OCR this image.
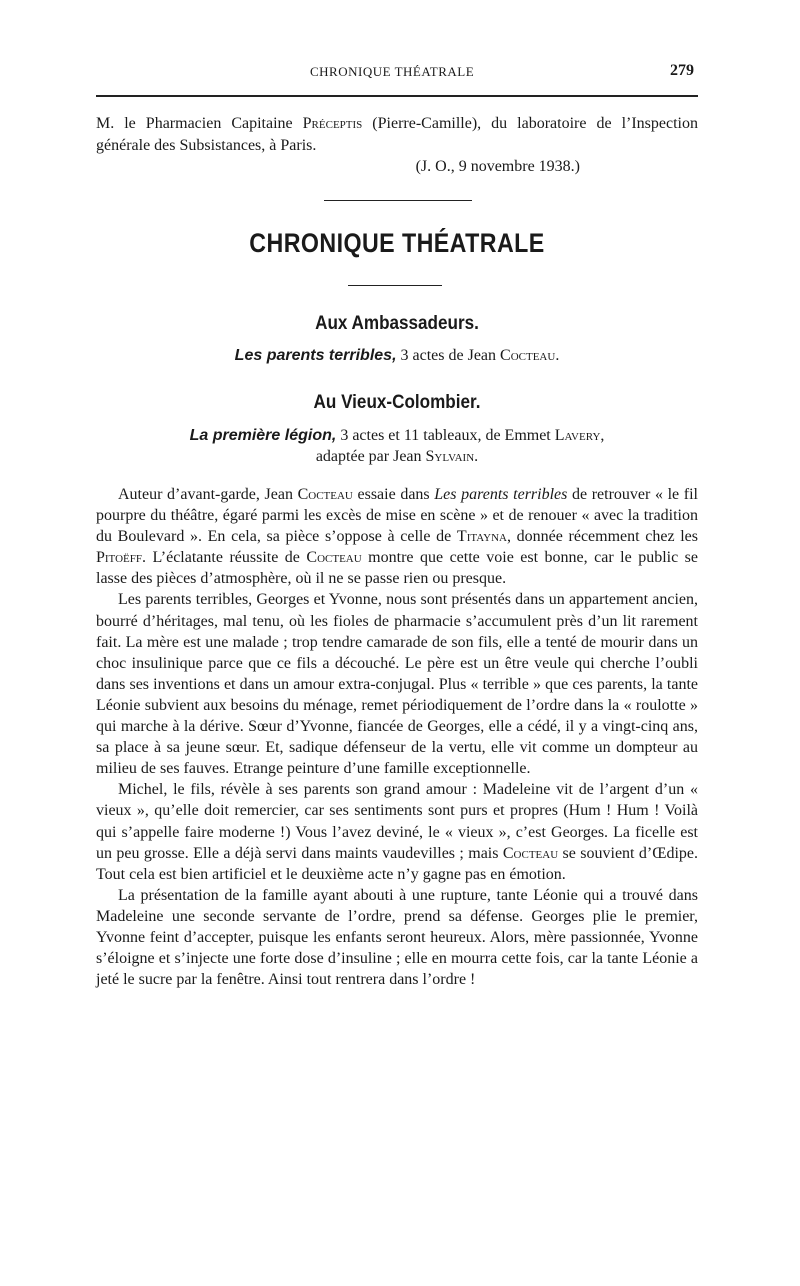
CHRONIQUE THÉATRALE	279

M. le Pharmacien Capitaine Préceptis (Pierre-Camille), du laboratoire de l’Inspection générale des Subsistances, à Paris.

(J. O., 9 novembre 1938.)

CHRONIQUE THÉATRALE
Aux Ambassadeurs.
Les parents terribles, 3 actes de Jean Cocteau.
Au Vieux-Colombier.
La première légion, 3 actes et 11 tableaux, de Emmet Lavery,
adaptée par Jean Sylvain.

Auteur d’avant-garde, Jean Cocteau essaie dans Les parents terribles de retrouver « le fil pourpre du théâtre, égaré parmi les excès de mise en scène » et de renouer « avec la tradition du Boulevard ». En cela, sa pièce s’oppose à celle de Titayna, donnée récemment chez les Pitoëff. L’éclatante réussite de Cocteau montre que cette voie est bonne, car le public se lasse des pièces d’atmosphère, où il ne se passe rien ou presque.

Les parents terribles, Georges et Yvonne, nous sont présentés dans un appartement ancien, bourré d’héritages, mal tenu, où les fioles de pharmacie s’accumulent près d’un lit rarement fait. La mère est une malade ; trop tendre camarade de son fils, elle a tenté de mourir dans un choc insulinique parce que ce fils a découché. Le père est un être veule qui cherche l’oubli dans ses inventions et dans un amour extra-conjugal. Plus « terrible » que ces parents, la tante Léonie subvient aux besoins du ménage, remet périodiquement de l’ordre dans la « roulotte » qui marche à la dérive. Sœur d’Yvonne, fiancée de Georges, elle a cédé, il y a vingt-cinq ans, sa place à sa jeune sœur. Et, sadique défenseur de la vertu, elle vit comme un dompteur au milieu de ses fauves. Etrange peinture d’une famille exceptionnelle.

Michel, le fils, révèle à ses parents son grand amour : Madeleine vit de l’argent d’un « vieux », qu’elle doit remercier, car ses sentiments sont purs et propres (Hum ! Hum ! Voilà qui s’appelle faire moderne !) Vous l’avez deviné, le « vieux », c’est Georges. La ficelle est un peu grosse. Elle a déjà servi dans maints vaudevilles ; mais Cocteau se souvient d’Œdipe. Tout cela est bien artificiel et le deuxième acte n’y gagne pas en émotion.

La présentation de la famille ayant abouti à une rupture, tante Léonie qui a trouvé dans Madeleine une seconde servante de l’ordre, prend sa défense. Georges plie le premier, Yvonne feint d’accepter, puisque les enfants seront heureux. Alors, mère passionnée, Yvonne s’éloigne et s’injecte une forte dose d’insuline ; elle en mourra cette fois, car la tante Léonie a jeté le sucre par la fenêtre. Ainsi tout rentrera dans l’ordre !
